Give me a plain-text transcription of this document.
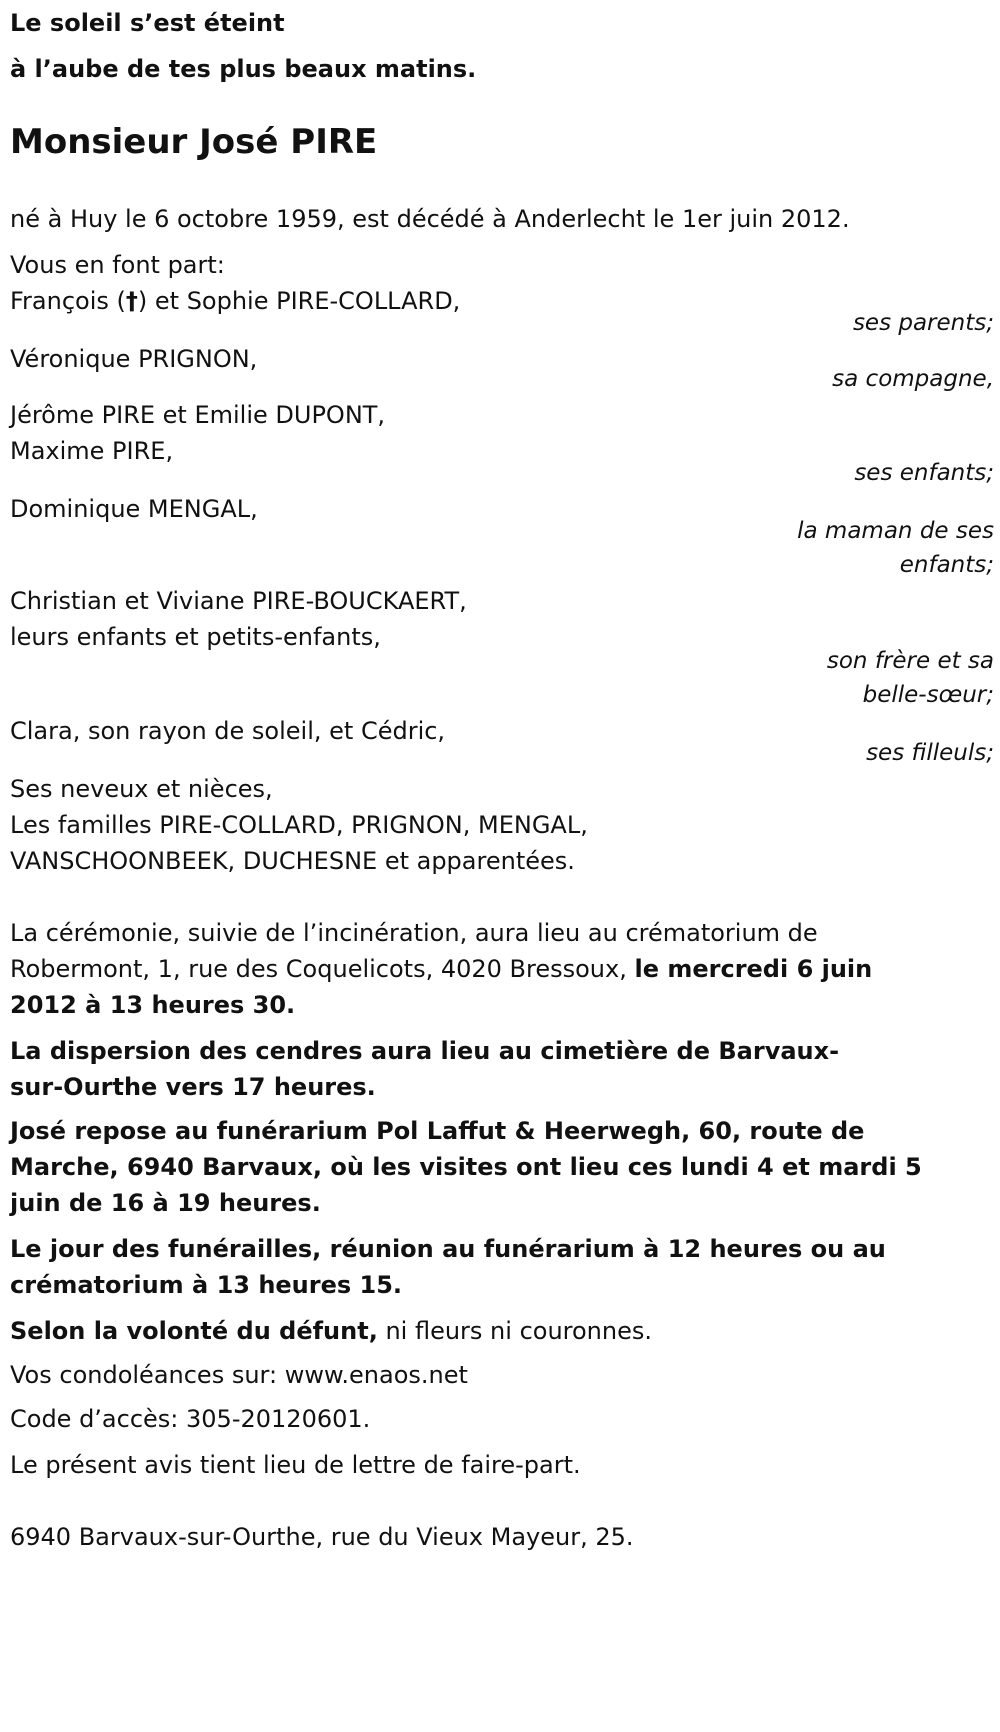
Le soleil s’est éteint
à l’aube de tes plus beaux matins.
Monsieur José PIRE
né à Huy le 6 octobre 1959, est décédé à Anderlecht le 1er juin 2012.
Vous en font part:
François (†) et Sophie PIRE-COLLARD,
ses parents;
Véronique PRIGNON,
sa compagne,
Jérôme PIRE et Emilie DUPONT,
Maxime PIRE,
ses enfants;
Dominique MENGAL,
la maman de ses
enfants;
Christian et Viviane PIRE-BOUCKAERT,
leurs enfants et petits-enfants,
son frère et sa
belle-sœur;
Clara, son rayon de soleil, et Cédric,
ses filleuls;
Ses neveux et nièces,
Les familles PIRE-COLLARD, PRIGNON, MENGAL,
VANSCHOONBEEK, DUCHESNE et apparentées.
La cérémonie, suivie de l’incinération, aura lieu au crématorium de
Robermont, 1, rue des Coquelicots, 4020 Bressoux, le mercredi 6 juin
2012 à 13 heures 30.
La dispersion des cendres aura lieu au cimetière de Barvaux-
sur-Ourthe vers 17 heures.
José repose au funérarium Pol Laffut & Heerwegh, 60, route de
Marche, 6940 Barvaux, où les visites ont lieu ces lundi 4 et mardi 5
juin de 16 à 19 heures.
Le jour des funérailles, réunion au funérarium à 12 heures ou au
crématorium à 13 heures 15.
Selon la volonté du défunt, ni fleurs ni couronnes.
Vos condoléances sur: www.enaos.net
Code d’accès: 305-20120601.
Le présent avis tient lieu de lettre de faire-part.
6940 Barvaux-sur-Ourthe, rue du Vieux Mayeur, 25.
